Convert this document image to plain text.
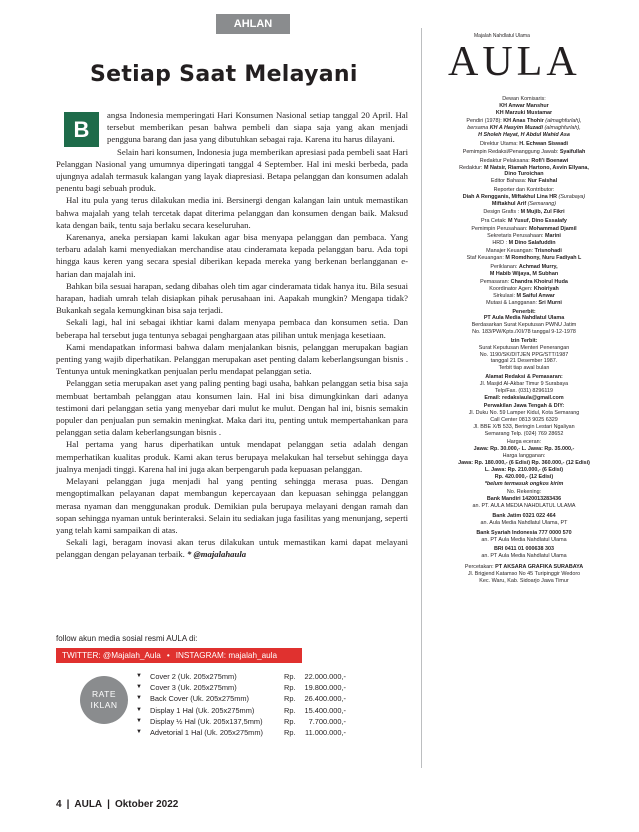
AHLAN
Setiap Saat Melayani
B

angsa Indonesia memperingati Hari Konsumen Nasional setiap tanggal 20 April. Hal tersebut memberikan pesan bahwa pembeli dan siapa saja yang akan menjadi pengguna barang dan jasa yang dibutuhkan sebagai raja. Karena itu harus dilayani.

Selain hari konsumen, Indonesia juga memberikan apresiasi pada pembeli saat Hari Pelanggan Nasional yang umumnya diperingati tanggal 4 September. Hal ini meski berbeda, pada ujungnya adalah termasuk kalangan yang layak diapresiasi. Betapa pelanggan dan konsumen adalah penentu bagi sebuah produk.

Hal itu pula yang terus dilakukan media ini. Bersinergi dengan kalangan lain untuk memastikan bahwa majalah yang telah tercetak dapat diterima pelanggan dan konsumen dengan baik. Maksud kata dengan baik, tentu saja berlaku secara keseluruhan.

Karenanya, aneka persiapan kami lakukan agar bisa menyapa pelanggan dan pembaca. Yang terbaru adalah kami menyediakan merchandise atau cinderamata kepada pelanggan baru. Ada topi hingga kaus keren yang secara spesial diberikan kepada mereka yang berkenan berlangganan e-harian dan majalah ini.

Bahkan bila sesuai harapan, sedang dibahas oleh tim agar cinderamata tidak hanya itu. Bila sesuai harapan, hadiah umrah telah disiapkan pihak perusahaan ini. Aapakah mungkin? Mengapa tidak? Bukankah segala kemungkinan bisa saja terjadi.

Sekali lagi, hal ini sebagai ikhtiar kami dalam menyapa pembaca dan konsumen setia. Dan beberapa hal tersebut juga tentunya sebagai penghargaan atas pilihan untuk menjaga kesetiaan.

Kami mendapatkan informasi bahwa dalam menjalankan bisnis, pelanggan merupakan bagian penting yang wajib diperhatikan. Pelanggan merupakan aset penting dalam keberlangsungan bisnis . Tentunya untuk meningkatkan penjualan perlu mendapat pelanggan setia.

Pelanggan setia merupakan aset yang paling penting bagi usaha, bahkan pelanggan setia bisa saja membuat bertambah pelanggan atau konsumen lain. Hal ini bisa dimungkinkan dari adanya testimoni dari pelanggan setia yang menyebar dari mulut ke mulut. Dengan hal ini, bisnis semakin populer dan penjualan pun semakin meningkat. Maka dari itu, penting untuk mempertahankan para pelanggan setia dalam keberlangsungan bisnis .

Hal pertama yang harus diperhatikan untuk mendapat pelanggan setia adalah dengan memperhatikan kualitas produk. Kami akan terus berupaya melakukan hal tersebut sehingga daya jualnya menjadi tinggi. Karena hal ini juga akan berpengaruh pada kepuasan pelanggan.

Melayani pelanggan juga menjadi hal yang penting sehingga merasa puas. Dengan mengoptimalkan pelayanan dapat membangun kepercayaan dan kepuasan sehingga pelanggan merasa nyaman dan menggunakan produk. Demikian pula berupaya melayani dengan ramah dan sopan sehingga nyaman untuk berinteraksi. Selain itu sediakan juga fasilitas yang menunjang, seperti yang telah kami sampaikan di atas.

Sekali lagi, beragam inovasi akan terus dilakukan untuk memastikan kami dapat melayani pelanggan dengan pelayanan terbaik. * @majalahaula

follow akun media sosial resmi AULA di:
TWITTER: @Majalah_Aula • INSTAGRAM: majalah_aula
RATE
IKLAN
▼ Cover 2 (Uk. 205x275mm)	Rp. 22.000.000,-
▼ Cover 3 (Uk. 205x275mm)	Rp. 19.800.000,-
▼ Back Cover (Uk. 205x275mm)	Rp. 26.400.000,-
▼ Display 1 Hal (Uk. 205x275mm)	Rp. 15.400.000,-
▼ Display ½ Hal (Uk. 205x137,5mm)	Rp. 7.700.000,-
▼ Advetorial 1 Hal (Uk. 205x275mm)	Rp. 11.000.000,-
Majalah Nahdlatul Ulama
AULA
Dewan Komisaris:
KH Anwar Manshur
KH Marzuki Mustamar
Pendiri (1978): KH Anas Thohir (almaghfurlah),
bersama KH A Hasyim Muzadi (almaghfurlah),
H Sholeh Hayat, H Abdul Wahid Asa
Direktur Utama: H. Echwan Siswadi
Pemimpin Redaksi/Penanggung Jawab: Syaifullah
Redaktur Pelaksana: Rofi'i Boenawi
Redaktur: M Natsir, Riamah Hartono, Asvin Ellyana,
Dino Turoichan
Editor Bahasa: Nur Faishal
Reporter dan Kontributor:
Diah A Rengganis, Miftakhul Lina HR (Surabaya)
Miftakhul Arif (Semarang)
Design Grafis : M Mujib, Zul Fikri
Pra Cetak: M Yusuf, Dino Essalafy
Pemimpin Perusahaan: Mohammad Djamil
Sekretaris Perusahaan: Marini
HRD : M Dino Salafuddin
Manajer Keuangan: Trisnohadi
Staf Keuangan: M Romdhony, Nuru Fadiyah L
Periklanan: Achmad Murry,
M Habib Wijaya, M Subhan
Pemasaran: Chandra Khoirul Huda
Koordinator Agen: Khoiriyah
Sirkulasi: M Saiful Anwar
Mutasi & Langganan: Sri Murni
Penerbit:
PT Aula Media Nahdlatul Ulama
Berdasarkan Surat Keputusan PWNU Jatim
No. 183/PW/Kpts./XII/78 tanggal 9-12-1978
Izin Terbit:
Surat Keputusan Menteri Penerangan
No. 1190/SK/DITJEN PPG/STT/1987
tanggal 21 Desember 1987.
Terbit tiap awal bulan
Alamat Redaksi & Pemasaran:
Jl. Masjid Al-Akbar Timur 9 Surabaya
Telp/Fax. (031) 8296119
Email: redaksiaula@gmail.com
Perwakilan Jawa Tengah & DIY:
Jl. Duku No. 59 Lamper Kidul, Kota Semarang
Call Center 0813 9025 6329
Jl. BBE X/B 533, Beringin Lestari Ngaliyan
Semarang Telp. (024) 769 28652
Harga eceran:
Jawa: Rp. 30.000,- L. Jawa: Rp. 35.000,-
Harga langganan:
Jawa: Rp. 180.000,- (6 Edisi) Rp. 360.000,- (12 Edisi)
L. Jawa: Rp. 210.000,- (6 Edisi)
Rp. 420.000,- (12 Edisi)
*belum termasuk ongkos kirim
No. Rekening:
Bank Mandiri 1420013283436
an. PT. AULA MEDIA NAHDLATUL ULAMA
Bank Jatim 0321 022 464
an. Aula Media Nahdlatul Ulama, PT
Bank Syariah Indonesia 777 0000 570
an. PT Aula Media Nahdlatul Ulama
BRI 0411 01 000638 303
an. PT Aula Media Nahdlatul Ulama
Percetakan: PT AKSARA GRAFIKA SURABAYA
Jl. Brigjend Katamso No 45 Turipinggir Wedoro
Kec. Waru, Kab. Sidoarjo Jawa Timur
4 | AULA | Oktober 2022
